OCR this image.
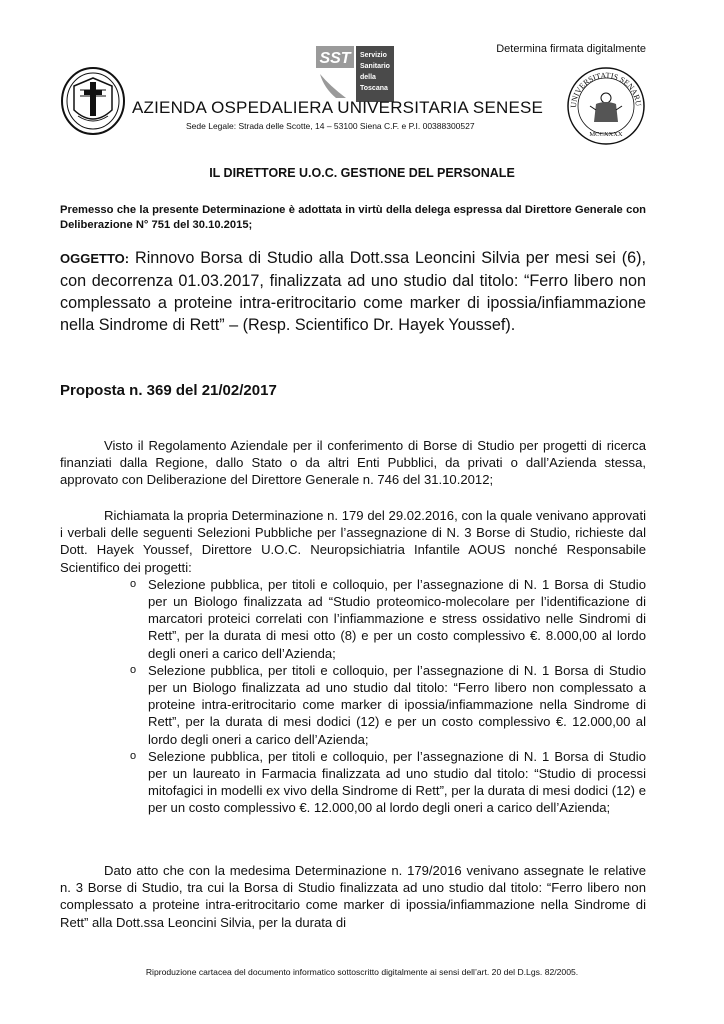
Determina firmata digitalmente
SST Servizio
Sanitario
della
Toscana
UNIVERSITATIS SENARU
MCCXXXX
AZIENDA OSPEDALIERA UNIVERSITARIA SENESE
Sede Legale: Strada delle Scotte, 14 – 53100 Siena C.F. e P.I. 00388300527
IL DIRETTORE U.O.C. GESTIONE DEL PERSONALE
Premesso che la presente Determinazione è adottata in virtù della delega espressa dal Direttore Generale con Deliberazione N° 751 del 30.10.2015;
OGGETTO: Rinnovo Borsa di Studio alla Dott.ssa Leoncini Silvia per mesi sei (6), con decorrenza 01.03.2017, finalizzata ad uno studio dal titolo: “Ferro libero non complessato a proteine intra-eritrocitario come marker di ipossia/infiammazione nella Sindrome di Rett” – (Resp. Scientifico Dr. Hayek Youssef).
Proposta n. 369 del 21/02/2017

Visto il Regolamento Aziendale per il conferimento di Borse di Studio per progetti di ricerca finanziati dalla Regione, dallo Stato o da altri Enti Pubblici, da privati o dall’Azienda stessa, approvato con Deliberazione del Direttore Generale n. 746 del 31.10.2012;

Richiamata la propria Determinazione n. 179 del 29.02.2016, con la quale venivano approvati i verbali delle seguenti Selezioni Pubbliche per l’assegnazione di N. 3 Borse di Studio, richieste dal Dott. Hayek Youssef, Direttore U.O.C. Neuropsichiatria Infantile AOUS nonché Responsabile Scientifico dei progetti:

o Selezione pubblica, per titoli e colloquio, per l’assegnazione di N. 1 Borsa di Studio per un Biologo finalizzata ad “Studio proteomico-molecolare per l’identificazione di marcatori proteici correlati con l’infiammazione e stress ossidativo nelle Sindromi di Rett”, per la durata di mesi otto (8) e per un costo complessivo €. 8.000,00 al lordo degli oneri a carico dell’Azienda;
o Selezione pubblica, per titoli e colloquio, per l’assegnazione di N. 1 Borsa di Studio per un Biologo finalizzata ad uno studio dal titolo: “Ferro libero non complessato a proteine intra-eritrocitario come marker di ipossia/infiammazione nella Sindrome di Rett”, per la durata di mesi dodici (12) e per un costo complessivo €. 12.000,00 al lordo degli oneri a carico dell’Azienda;
o Selezione pubblica, per titoli e colloquio, per l’assegnazione di N. 1 Borsa di Studio per un laureato in Farmacia finalizzata ad uno studio dal titolo: “Studio di processi mitofagici in modelli ex vivo della Sindrome di Rett”, per la durata di mesi dodici (12) e per un costo complessivo €. 12.000,00 al lordo degli oneri a carico dell’Azienda;

Dato atto che con la medesima Determinazione n. 179/2016 venivano assegnate le relative n. 3 Borse di Studio, tra cui la Borsa di Studio finalizzata ad uno studio dal titolo: “Ferro libero non complessato a proteine intra-eritrocitario come marker di ipossia/infiammazione nella Sindrome di Rett” alla Dott.ssa Leoncini Silvia, per la durata di

Riproduzione cartacea del documento informatico sottoscritto digitalmente ai sensi dell’art. 20 del D.Lgs. 82/2005.
